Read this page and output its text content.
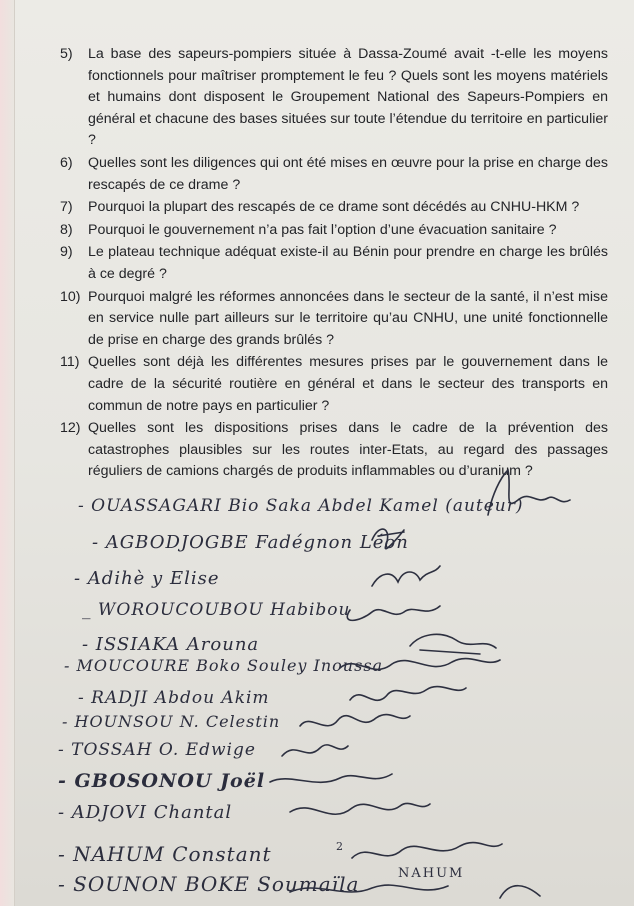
5)	La base des sapeurs-pompiers située à Dassa-Zoumé avait -t-elle les moyens fonctionnels pour maîtriser promptement le feu ? Quels sont les moyens matériels et humains dont disposent le Groupement National des Sapeurs-Pompiers en général et chacune des bases situées sur toute l’étendue du territoire en particulier ?
6)	Quelles sont les diligences qui ont été mises en œuvre pour la prise en charge des rescapés de ce drame ?
7)	Pourquoi la plupart des rescapés de ce drame sont décédés au CNHU-HKM ?
8)	Pourquoi le gouvernement n’a pas fait l’option d’une évacuation sanitaire ?
9)	Le plateau technique adéquat existe-il au Bénin pour prendre en charge les brûlés à ce degré ?
10) Pourquoi malgré les réformes annoncées dans le secteur de la santé, il n’est mise en service nulle part ailleurs sur le territoire qu’au CNHU, une unité fonctionnelle de prise en charge des grands brûlés ?
11) Quelles sont déjà les différentes mesures prises par le gouvernement dans le cadre de la sécurité routière en général et dans le secteur des transports en commun de notre pays en particulier ?
12) Quelles sont les dispositions prises dans le cadre de la prévention des catastrophes plausibles sur les routes inter-Etats, au regard des passages réguliers de camions chargés de produits inflammables ou d’uranium ?
- OUASSAGARI Bio Saka Abdel Kamel (auteur)
- AGBODJOGBE Fadégnon Léon
- Adihè y Elise
_ WOROUCOUBOU Habibou
- ISSIAKA Arouna
- MOUCOURE Boko Souley Inoussa
- RADJI Abdou Akim
- HOUNSOU N. Celestin
- TOSSAH O. Edwige
- GBOSONOU Joël
- ADJOVI Chantal
- NAHUM Constant
- SOUNON BOKE Soumaïla	NAHUM
2
